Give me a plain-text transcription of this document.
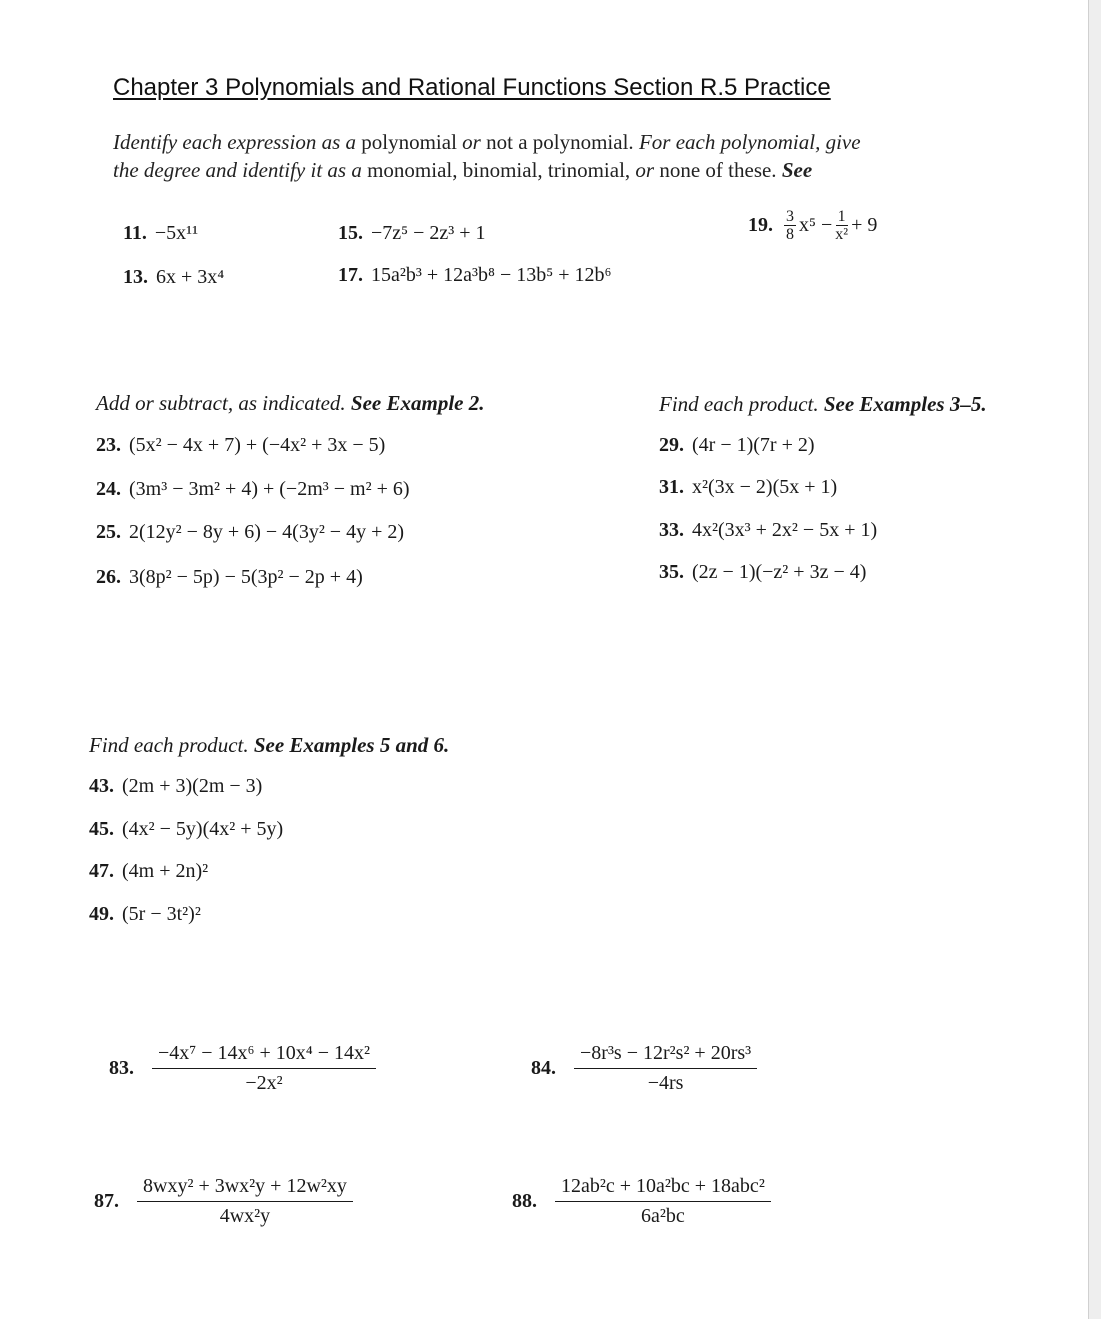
Chapter 3 Polynomials and Rational Functions Section R.5 Practice
Identify each expression as a polynomial or not a polynomial. For each polynomial, give
the degree and identify it as a monomial, binomial, trinomial, or none of these. See
11. −5x¹¹
13. 6x + 3x⁴
15. −7z⁵ − 2z³ + 1
17. 15a²b³ + 12a³b⁸ − 13b⁵ + 12b⁶
19. $\frac{3}{8} x^5 - \frac{1}{\text{x²}} + 9$
Add or subtract, as indicated. See Example 2.
23. (5x² − 4x + 7) + (−4x² + 3x − 5)
24. (3m³ − 3m² + 4) + (−2m³ − m² + 6)
25. 2(12y² − 8y + 6) − 4(3y² − 4y + 2)
26. 3(8p² − 5p) − 5(3p² − 2p + 4)
Find each product. See Examples 3–5.
29. (4r − 1)(7r + 2)
31. x²(3x − 2)(5x + 1)
33. 4x²(3x³ + 2x² − 5x + 1)
35. (2z − 1)(−z² + 3z − 4)
Find each product. See Examples 5 and 6.
43. (2m + 3)(2m − 3)
45. (4x² − 5y)(4x² + 5y)
47. (4m + 2n)²
49. (5r − 3t²)²
83. $\frac{\text{−4x⁷ − 14x⁶ + 10x⁴ − 14x²}}{\text{−2x²}}$	84. $\frac{\text{−8r³s − 12r²s² + 20rs³}}{-4rs}$
87. $\frac{\text{8wxy² + 3wx²y + 12w²xy}}{\text{4wx²y}}$	88. $\frac{\text{12ab²c + 10a²bc + 18abc²}}{\text{6a²bc}}$
